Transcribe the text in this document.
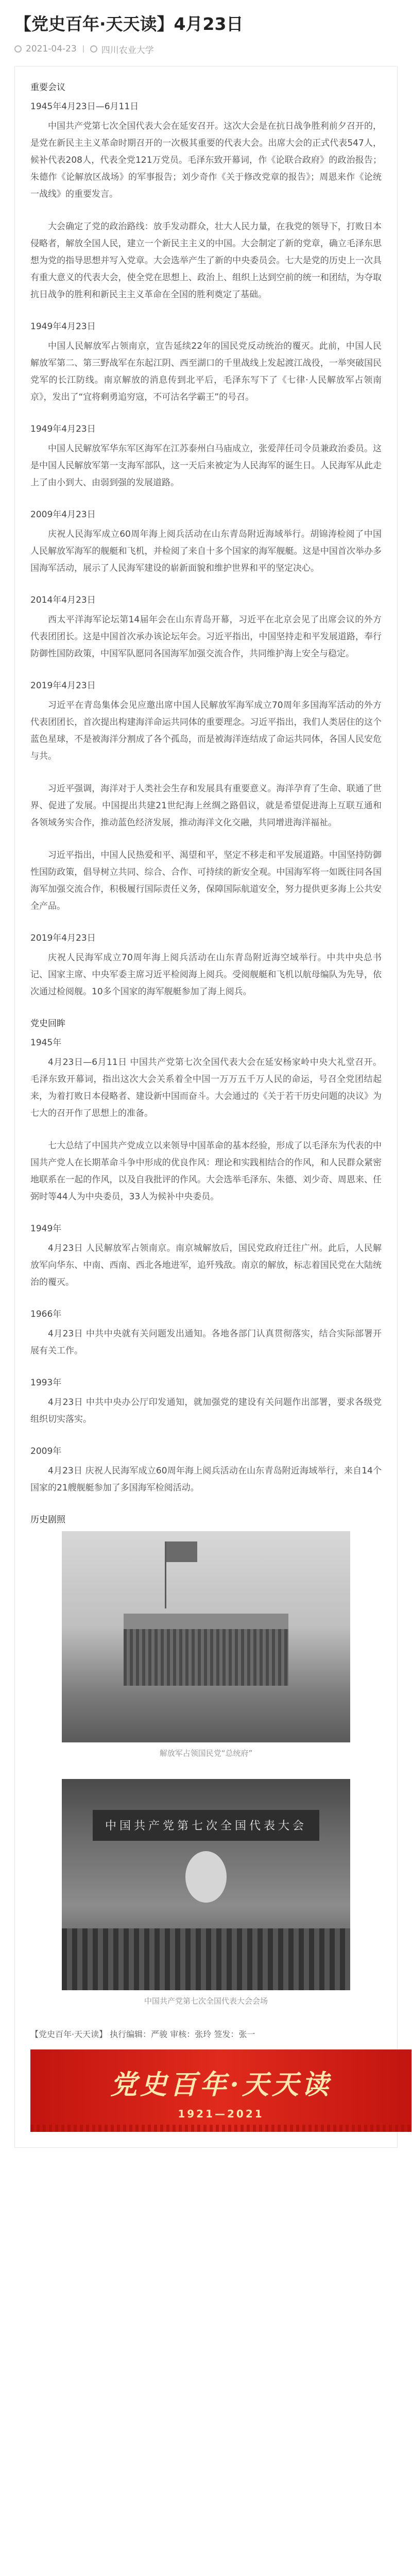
【党史百年·天天读】4月23日
2021-04-23	四川农业大学
重要会议
1945年4月23日—6月11日

中国共产党第七次全国代表大会在延安召开。这次大会是在抗日战争胜利前夕召开的，是党在新民主主义革命时期召开的一次极其重要的代表大会。出席大会的正式代表547人，候补代表208人，代表全党121万党员。毛泽东致开幕词，作《论联合政府》的政治报告；朱德作《论解放区战场》的军事报告；刘少奇作《关于修改党章的报告》；周恩来作《论统一战线》的重要发言。

大会确定了党的政治路线：放手发动群众，壮大人民力量，在我党的领导下，打败日本侵略者，解放全国人民，建立一个新民主主义的中国。大会制定了新的党章，确立毛泽东思想为党的指导思想并写入党章。大会选举产生了新的中央委员会。七大是党的历史上一次具有重大意义的代表大会，使全党在思想上、政治上、组织上达到空前的统一和团结，为夺取抗日战争的胜利和新民主主义革命在全国的胜利奠定了基础。

1949年4月23日

中国人民解放军占领南京，宣告延续22年的国民党反动统治的覆灭。此前，中国人民解放军第二、第三野战军在东起江阴、西至湖口的千里战线上发起渡江战役，一举突破国民党军的长江防线。南京解放的消息传到北平后，毛泽东写下了《七律·人民解放军占领南京》，发出了“宜将剩勇追穷寇，不可沽名学霸王”的号召。

1949年4月23日

中国人民解放军华东军区海军在江苏泰州白马庙成立，张爱萍任司令员兼政治委员。这是中国人民解放军第一支海军部队，这一天后来被定为人民海军的诞生日。人民海军从此走上了由小到大、由弱到强的发展道路。

2009年4月23日

庆祝人民海军成立60周年海上阅兵活动在山东青岛附近海域举行。胡锦涛检阅了中国人民解放军海军的舰艇和飞机，并检阅了来自十多个国家的海军舰艇。这是中国首次举办多国海军活动，展示了人民海军建设的崭新面貌和维护世界和平的坚定决心。

2014年4月23日

西太平洋海军论坛第14届年会在山东青岛开幕，习近平在北京会见了出席会议的外方代表团团长。这是中国首次承办该论坛年会。习近平指出，中国坚持走和平发展道路，奉行防御性国防政策，中国军队愿同各国海军加强交流合作，共同维护海上安全与稳定。

2019年4月23日

习近平在青岛集体会见应邀出席中国人民解放军海军成立70周年多国海军活动的外方代表团团长，首次提出构建海洋命运共同体的重要理念。习近平指出，我们人类居住的这个蓝色星球，不是被海洋分割成了各个孤岛，而是被海洋连结成了命运共同体，各国人民安危与共。

习近平强调，海洋对于人类社会生存和发展具有重要意义。海洋孕育了生命、联通了世界、促进了发展。中国提出共建21世纪海上丝绸之路倡议，就是希望促进海上互联互通和各领域务实合作，推动蓝色经济发展，推动海洋文化交融，共同增进海洋福祉。

习近平指出，中国人民热爱和平、渴望和平，坚定不移走和平发展道路。中国坚持防御性国防政策，倡导树立共同、综合、合作、可持续的新安全观。中国海军将一如既往同各国海军加强交流合作，积极履行国际责任义务，保障国际航道安全，努力提供更多海上公共安全产品。

2019年4月23日

庆祝人民海军成立70周年海上阅兵活动在山东青岛附近海空域举行。中共中央总书记、国家主席、中央军委主席习近平检阅海上阅兵。受阅舰艇和飞机以航母编队为先导，依次通过检阅舰。10多个国家的海军舰艇参加了海上阅兵。

党史回眸
1945年

4月23日—6月11日 中国共产党第七次全国代表大会在延安杨家岭中央大礼堂召开。毛泽东致开幕词，指出这次大会关系着全中国一万万五千万人民的命运，号召全党团结起来，为着打败日本侵略者、建设新中国而奋斗。大会通过的《关于若干历史问题的决议》为七大的召开作了思想上的准备。

七大总结了中国共产党成立以来领导中国革命的基本经验，形成了以毛泽东为代表的中国共产党人在长期革命斗争中形成的优良作风：理论和实践相结合的作风，和人民群众紧密地联系在一起的作风，以及自我批评的作风。大会选举毛泽东、朱德、刘少奇、周恩来、任弼时等44人为中央委员，33人为候补中央委员。

1949年

4月23日 人民解放军占领南京。南京城解放后，国民党政府迁往广州。此后，人民解放军向华东、中南、西南、西北各地进军，追歼残敌。南京的解放，标志着国民党在大陆统治的覆灭。

1966年

4月23日 中共中央就有关问题发出通知。各地各部门认真贯彻落实，结合实际部署开展有关工作。

1993年

4月23日 中共中央办公厅印发通知，就加强党的建设有关问题作出部署，要求各级党组织切实落实。

2009年

4月23日 庆祝人民海军成立60周年海上阅兵活动在山东青岛附近海域举行，来自14个国家的21艘舰艇参加了多国海军检阅活动。

历史剧照
解放军占领国民党“总统府”
中国共产党第七次全国代表大会
中国共产党第七次全国代表大会会场
【党史百年·天天读】 执行编辑：严骏 审核：张玲 签发：张一
党史百年·天天读
1921—2021
